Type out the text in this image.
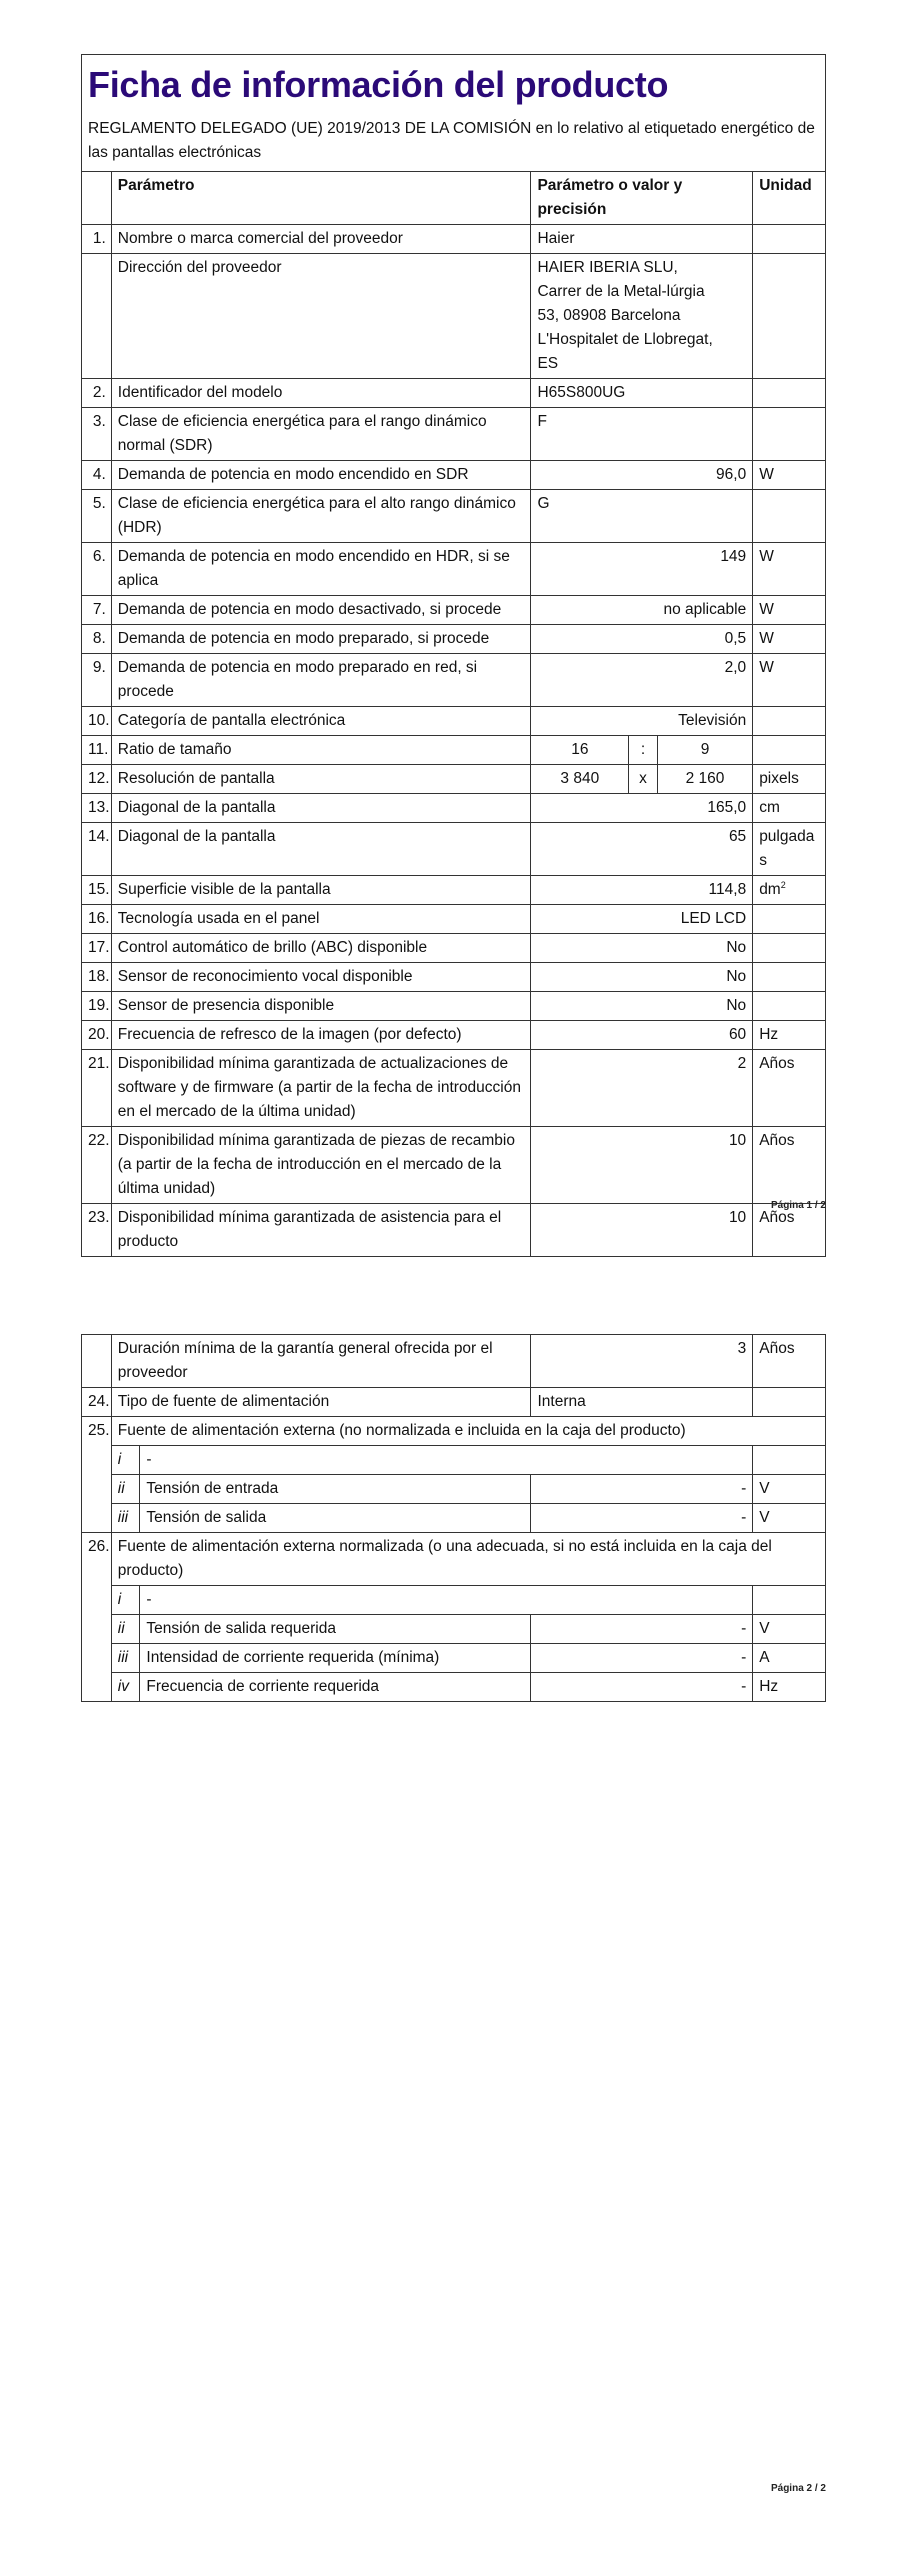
Ficha de información del producto
REGLAMENTO DELEGADO (UE) 2019/2013 DE LA COMISIÓN en lo relativo al etiquetado energético de las pantallas electrónicas					

	Parámetro	Parámetro o valor y precisión			Unidad
1.	Nombre o marca comercial del proveedor	Haier			
	Dirección del proveedor	HAIER IBERIA SLU, Carrer de la Metal-lúrgia 53, 08908 Barcelona L'Hospitalet de Llobregat, ES			
2.	Identificador del modelo	H65S800UG			
3.	Clase de eficiencia energética para el rango dinámico normal (SDR)	F			
4.	Demanda de potencia en modo encendido en SDR	96,0			W
5.	Clase de eficiencia energética para el alto rango dinámico (HDR)	G			
6.	Demanda de potencia en modo encendido en HDR, si se aplica	149			W
7.	Demanda de potencia en modo desactivado, si procede	no aplicable			W
8.	Demanda de potencia en modo preparado, si procede	0,5			W
9.	Demanda de potencia en modo preparado en red, si procede	2,0			W
10.	Categoría de pantalla electrónica	Televisión			
11.	Ratio de tamaño	16	:	9	
12.	Resolución de pantalla	3 840	x	2 160	pixels
13.	Diagonal de la pantalla	165,0			cm
14.	Diagonal de la pantalla	65			pulgadas
15.	Superficie visible de la pantalla	114,8			$dm^2$
16.	Tecnología usada en el panel	LED LCD			
17.	Control automático de brillo (ABC) disponible	No			
18.	Sensor de reconocimiento vocal disponible	No			
19.	Sensor de presencia disponible	No			
20.	Frecuencia de refresco de la imagen (por defecto)	60			Hz
21.	Disponibilidad mínima garantizada de actualizaciones de software y de firmware (a partir de la fecha de introducción en el mercado de la última unidad)	2			Años
22.	Disponibilidad mínima garantizada de piezas de recambio (a partir de la fecha de introducción en el mercado de la última unidad)	10			Años
23.	Disponibilidad mínima garantizada de asistencia para el producto	10			Años
Página 1 / 2
	Duración mínima de la garantía general ofrecida por el proveedor		3	Años
24.	Tipo de fuente de alimentación		Interna	
25.	Fuente de alimentación externa (no normalizada e incluida en la caja del producto)			
	i	-		
	ii	Tensión de entrada	-	V
	iii	Tensión de salida	-	V
26.	Fuente de alimentación externa normalizada (o una adecuada, si no está incluida en la caja del producto)			
	i	-		
	ii	Tensión de salida requerida	-	V
	iii	Intensidad de corriente requerida (mínima)	-	A
	iv	Frecuencia de corriente requerida	-	Hz
Página 2 / 2
